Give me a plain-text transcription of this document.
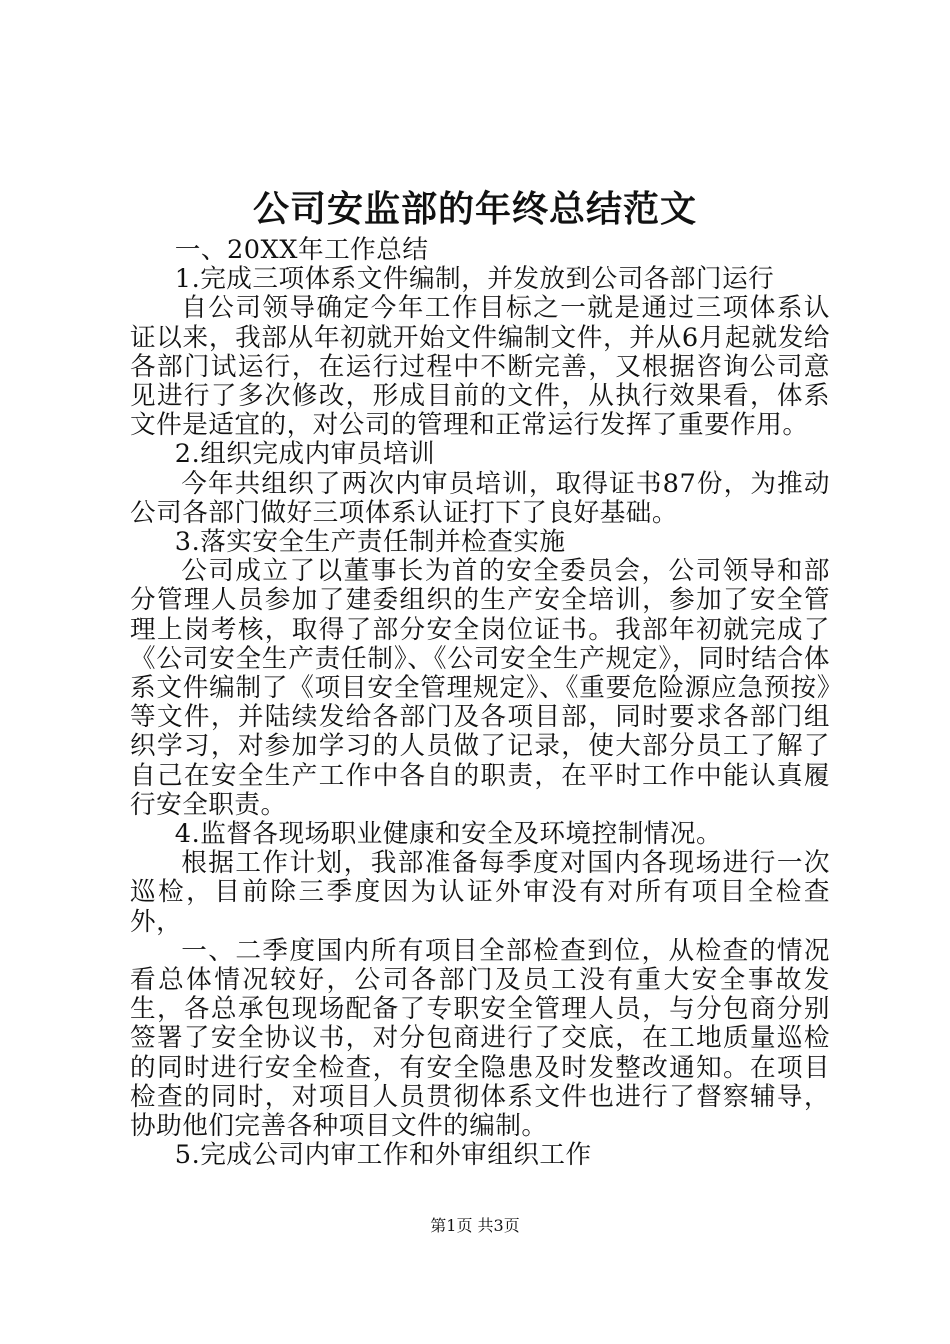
公司安监部的年终总结范文

一、20XX年工作总结

1.完成三项体系文件编制，并发放到公司各部门运行

自公司领导确定今年工作目标之一就是通过三项体系认证以来，我部从年初就开始文件编制文件，并从6月起就发给各部门试运行，在运行过程中不断完善，又根据咨询公司意见进行了多次修改，形成目前的文件，从执行效果看，体系文件是适宜的，对公司的管理和正常运行发挥了重要作用。

2.组织完成内审员培训

今年共组织了两次内审员培训，取得证书87份，为推动公司各部门做好三项体系认证打下了良好基础。

3.落实安全生产责任制并检查实施

公司成立了以董事长为首的安全委员会，公司领导和部分管理人员参加了建委组织的生产安全培训，参加了安全管理上岗考核，取得了部分安全岗位证书。我部年初就完成了《公司安全生产责任制》、《公司安全生产规定》，同时结合体系文件编制了《项目安全管理规定》、《重要危险源应急预按》等文件，并陆续发给各部门及各项目部，同时要求各部门组织学习，对参加学习的人员做了记录，使大部分员工了解了自己在安全生产工作中各自的职责，在平时工作中能认真履行安全职责。

4.监督各现场职业健康和安全及环境控制情况。

根据工作计划，我部准备每季度对国内各现场进行一次巡检，目前除三季度因为认证外审没有对所有项目全检查外，

一、二季度国内所有项目全部检查到位，从检查的情况看总体情况较好，公司各部门及员工没有重大安全事故发生，各总承包现场配备了专职安全管理人员，与分包商分别签署了安全协议书，对分包商进行了交底，在工地质量巡检的同时进行安全检查，有安全隐患及时发整改通知。在项目检查的同时，对项目人员贯彻体系文件也进行了督察辅导，协助他们完善各种项目文件的编制。

5.完成公司内审工作和外审组织工作

第1页 共3页
